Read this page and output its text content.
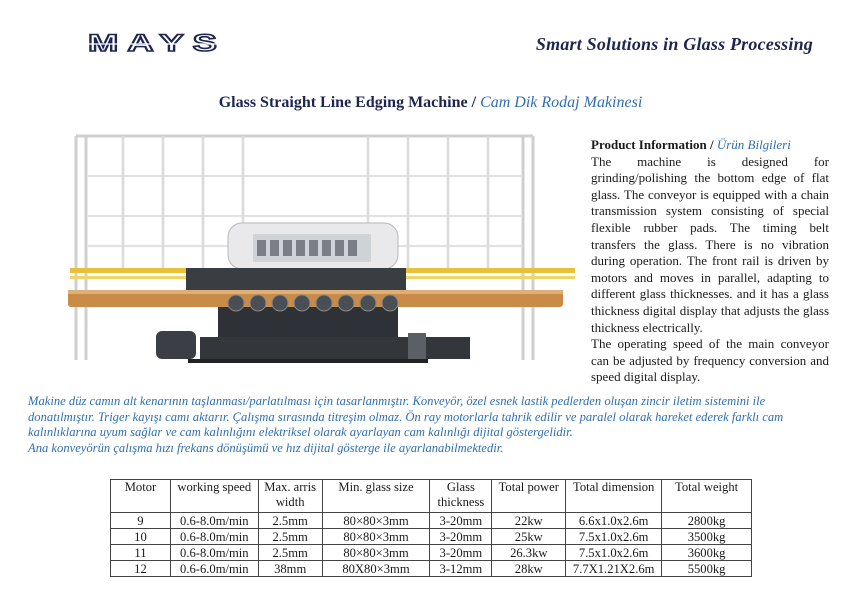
MAYS	Smart Solutions in Glass Processing
Glass Straight Line Edging Machine / Cam Dik Rodaj Makinesi
Product Information / Ürün Bilgileri
The machine is designed for grinding/polishing the bottom edge of flat glass. The conveyor is equipped with a chain transmission system consisting of special flexible rubber pads. The timing belt transfers the glass. There is no vibration during operation. The front rail is driven by motors and moves in parallel, adapting to different glass thicknesses. and it has a glass thickness digital display that adjusts the glass thickness electrically.
The operating speed of the main conveyor can be adjusted by frequency conversion and speed digital display.
Makine düz camın alt kenarının taşlanması/parlatılması için tasarlanmıştır. Konveyör, özel esnek lastik pedlerden oluşan zincir iletim sistemini ile donatılmıştır. Triger kayışı camı aktarır. Çalışma sırasında titreşim olmaz. Ön ray motorlarla tahrik edilir ve paralel olarak hareket ederek farklı cam kalınlıklarına uyum sağlar ve cam kalınlığını elektriksel olarak ayarlayan cam kalınlığı dijital göstergelidir.
Ana konveyörün çalışma hızı frekans dönüşümü ve hız dijital gösterge ile ayarlanabilmektedir.
Motor	working speed	Max. arris width	Min. glass size	Glass thickness	Total power	Total dimension	Total weight
9	0.6-8.0m/min	2.5mm	80×80×3mm	3-20mm	22kw	6.6x1.0x2.6m	2800kg
10	0.6-8.0m/min	2.5mm	80×80×3mm	3-20mm	25kw	7.5x1.0x2.6m	3500kg
11	0.6-8.0m/min	2.5mm	80×80×3mm	3-20mm	26.3kw	7.5x1.0x2.6m	3600kg
12	0.6-6.0m/min	38mm	80X80×3mm	3-12mm	28kw	7.7X1.21X2.6m	5500kg
